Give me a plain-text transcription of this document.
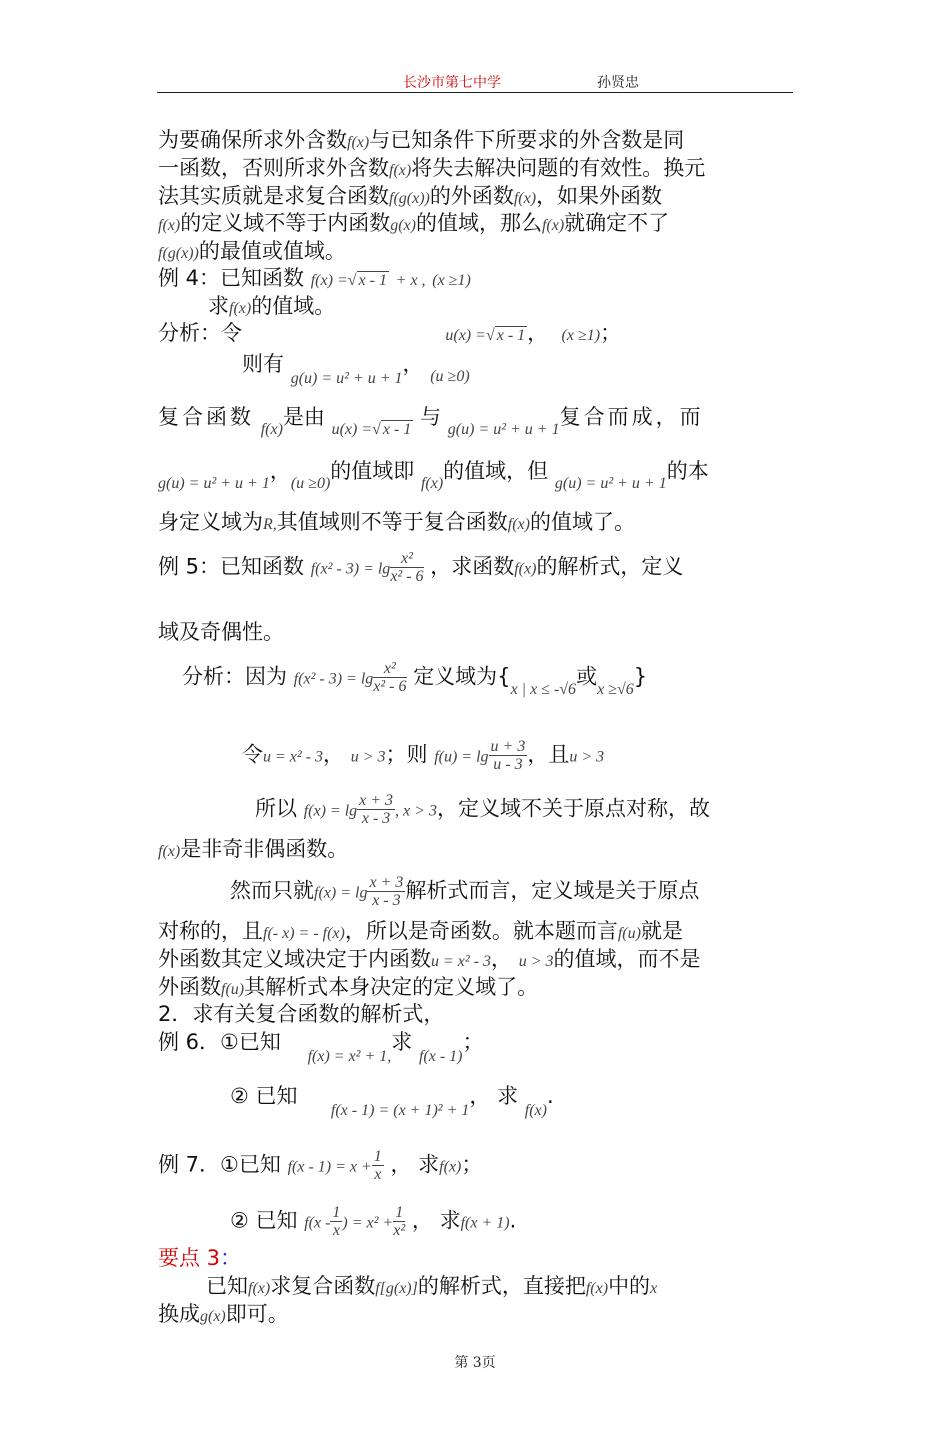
长沙市第七中学	孙贤忠
为要确保所求外含数f(x)与已知条件下所要求的外含数是同
一函数，否则所求外含数f(x)将失去解决问题的有效性。换元
法其实质就是求复合函数f(g(x))的外函数f(x)，如果外函数
f(x)的定义域不等于内函数g(x)的值域，那么f(x)就确定不了
f(g(x))的最值或值域。
例 4：已知函数 f(x) =√ x - 1 + x , (x ≥1)
求f(x)的值域。
分析：令	u(x) =√ x - 1， (x ≥1)；
则有 $_{g(u) = u^2 + u + 1}$， $_{(u \ge 0)}$
复合函数 $_{f(x)}$是由 $_{u(x) =√}$ $_{x - 1}$ 与 $_{g(u) = u^2 + u + 1}$复合而成，而
$_{g(u) = u^2 + u + 1}$，$_{(u \ge 0)}$的值域即 $_{f(x)}$的值域，但 $_{g(u) = u^2 + u + 1}$的本
身定义域为R,其值域则不等于复合函数f(x)的值域了。
例 5：已知函数 $f(x^2 - 3) = \lg \frac{\text{x²}}{\text{x² - 6}}$ ，求函数f(x)的解析式，定义
域及奇偶性。
分析：因为 $f(x^2 - 3) = \lg \frac{\text{x²}}{\text{x² - 6}}$ 定义域为{$_{x | x \le -√6}$或$_{x \ge√6}$}
令u = x² - 3， u > 3；则 $f(u) = \lg \frac{u + 3}{u - 3}$ ，且u > 3
所以 $f(x) = \lg \frac{x + 3}{x - 3}$ , x > 3，定义域不关于原点对称，故
f(x)是非奇非偶函数。
然而只就$f(x) = \lg \frac{x + 3}{x - 3}$ 解析式而言，定义域是关于原点
对称的，且f(- x) = - f(x)，所以是奇函数。就本题而言f(u)就是
外函数其定义域决定于内函数u = x² - 3， u > 3的值域，而不是
外函数f(u)其解析式本身决定的定义域了。
2．求有关复合函数的解析式，
例 6．①已知    $_{f(x) = x^2 + 1,}$求 $_{f(x - 1)}$；
② 已知     $_{f(x - 1) = (x + 1)^2 + 1}$， 求 $_{f(x)}$.
例 7．①已知 $f(x - 1) = x + \frac{1}{x}$ ， 求f(x)；
② 已知 $f(x - \frac{1}{x}$ ) = $x^2 + \frac{1}{\text{x²}}$ ， 求f(x + 1).
要点 3：
已知f(x)求复合函数f[g(x)]的解析式，直接把f(x)中的x
换成g(x)即可。
第 3页
